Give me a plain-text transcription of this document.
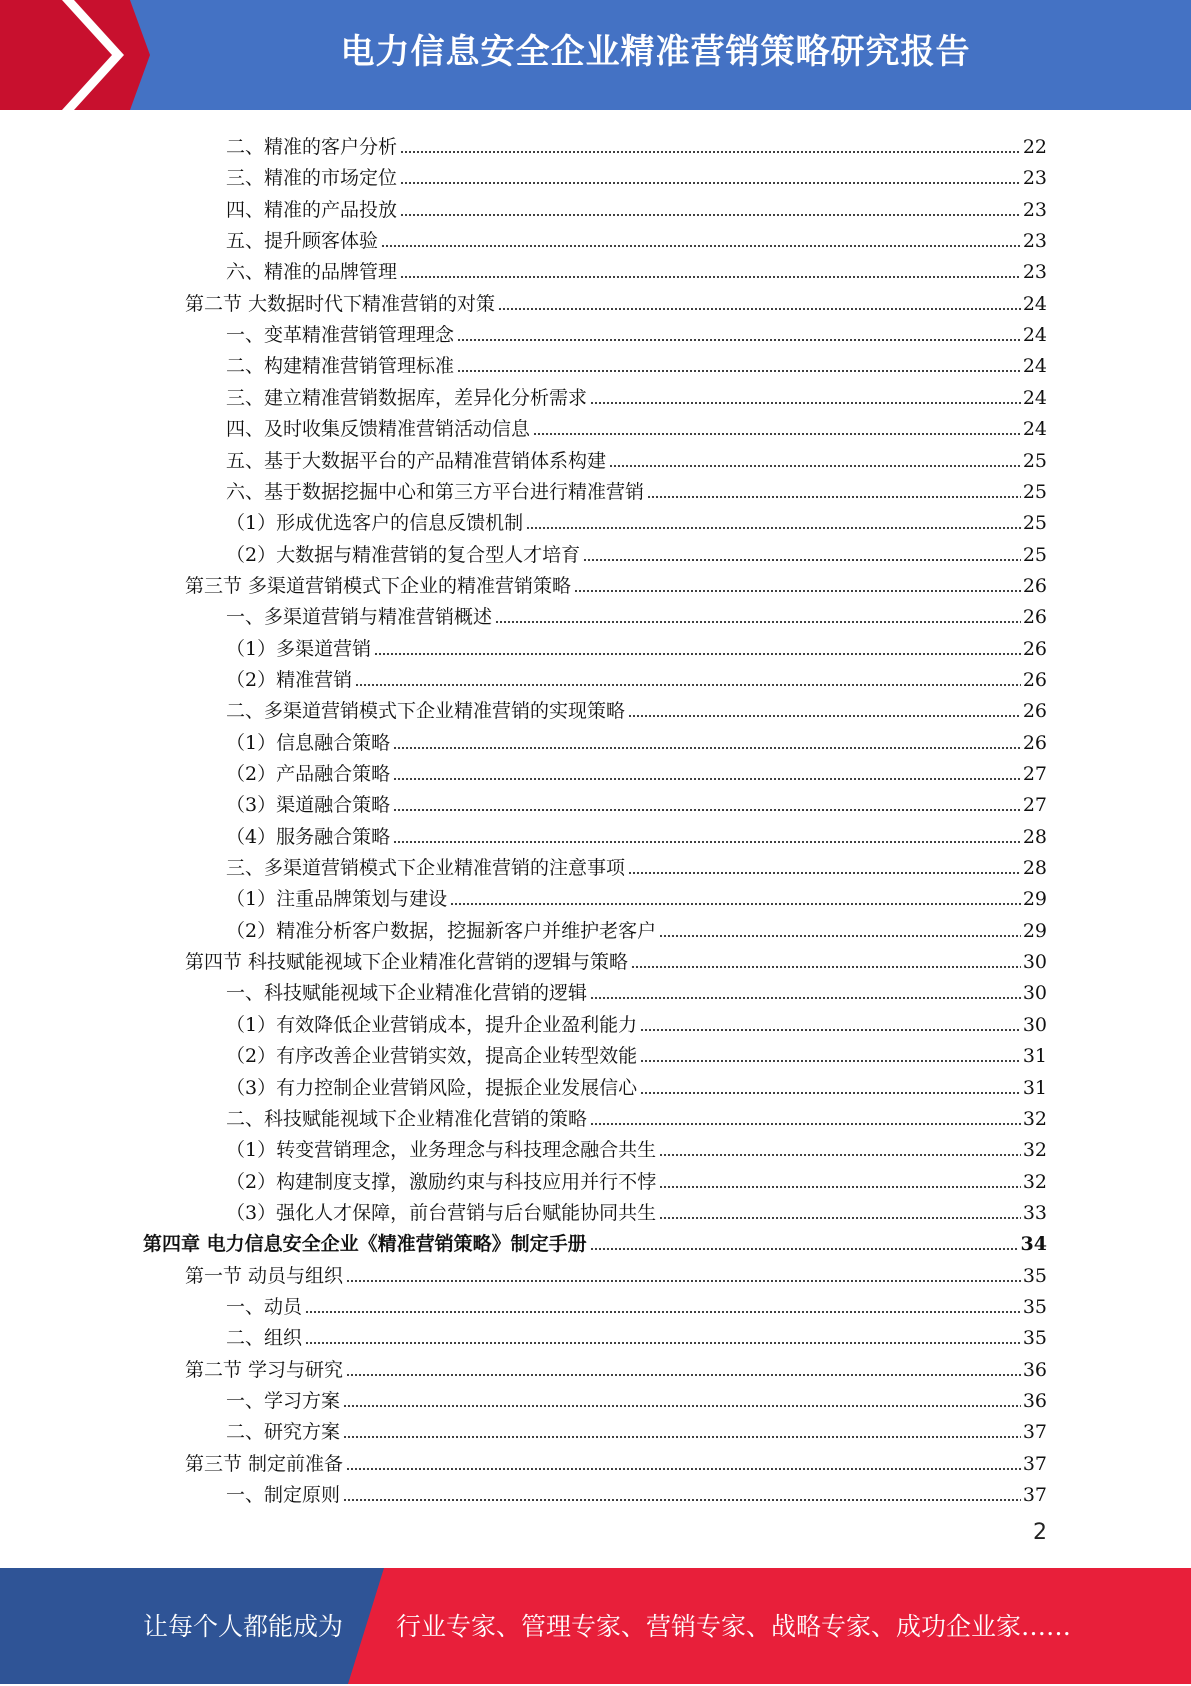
电力信息安全企业精准营销策略研究报告
二、精准的客户分析	22
三、精准的市场定位	23
四、精准的产品投放	23
五、提升顾客体验	23
六、精准的品牌管理	23
第二节 大数据时代下精准营销的对策	24
一、变革精准营销管理理念	24
二、构建精准营销管理标准	24
三、建立精准营销数据库，差异化分析需求	24
四、及时收集反馈精准营销活动信息	24
五、基于大数据平台的产品精准营销体系构建	25
六、基于数据挖掘中心和第三方平台进行精准营销	25
（1）形成优选客户的信息反馈机制	25
（2）大数据与精准营销的复合型人才培育	25
第三节 多渠道营销模式下企业的精准营销策略	26
一、多渠道营销与精准营销概述	26
（1）多渠道营销	26
（2）精准营销	26
二、多渠道营销模式下企业精准营销的实现策略	26
（1）信息融合策略	26
（2）产品融合策略	27
（3）渠道融合策略	27
（4）服务融合策略	28
三、多渠道营销模式下企业精准营销的注意事项	28
（1）注重品牌策划与建设	29
（2）精准分析客户数据，挖掘新客户并维护老客户	29
第四节 科技赋能视域下企业精准化营销的逻辑与策略	30
一、科技赋能视域下企业精准化营销的逻辑	30
（1）有效降低企业营销成本，提升企业盈利能力	30
（2）有序改善企业营销实效，提高企业转型效能	31
（3）有力控制企业营销风险，提振企业发展信心	31
二、科技赋能视域下企业精准化营销的策略	32
（1）转变营销理念，业务理念与科技理念融合共生	32
（2）构建制度支撑，激励约束与科技应用并行不悖	32
（3）强化人才保障，前台营销与后台赋能协同共生	33
第四章 电力信息安全企业《精准营销策略》制定手册	34
第一节 动员与组织	35
一、动员	35
二、组织	35
第二节 学习与研究	36
一、学习方案	36
二、研究方案	37
第三节 制定前准备	37
一、制定原则	37
2
让每个人都能成为 行业专家、管理专家、营销专家、战略专家、成功企业家……
